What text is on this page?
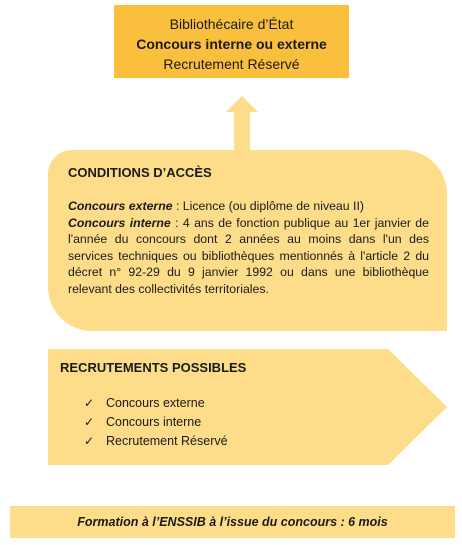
Bibliothécaire d’État
Concours interne ou externe
Recrutement Réservé
CONDITIONS D’ACCÈS
Concours externe : Licence (ou diplôme de niveau II)
Concours interne : 4 ans de fonction publique au 1er janvier de l'année du concours dont 2 années au moins dans l'un des services techniques ou bibliothèques mentionnés à l'article 2 du décret n° 92-29 du 9 janvier 1992 ou dans une bibliothèque relevant des collectivités territoriales.
RECRUTEMENTS POSSIBLES
✓ Concours externe
✓ Concours interne
✓ Recrutement Réservé
Formation à l’ENSSIB à l’issue du concours : 6 mois
